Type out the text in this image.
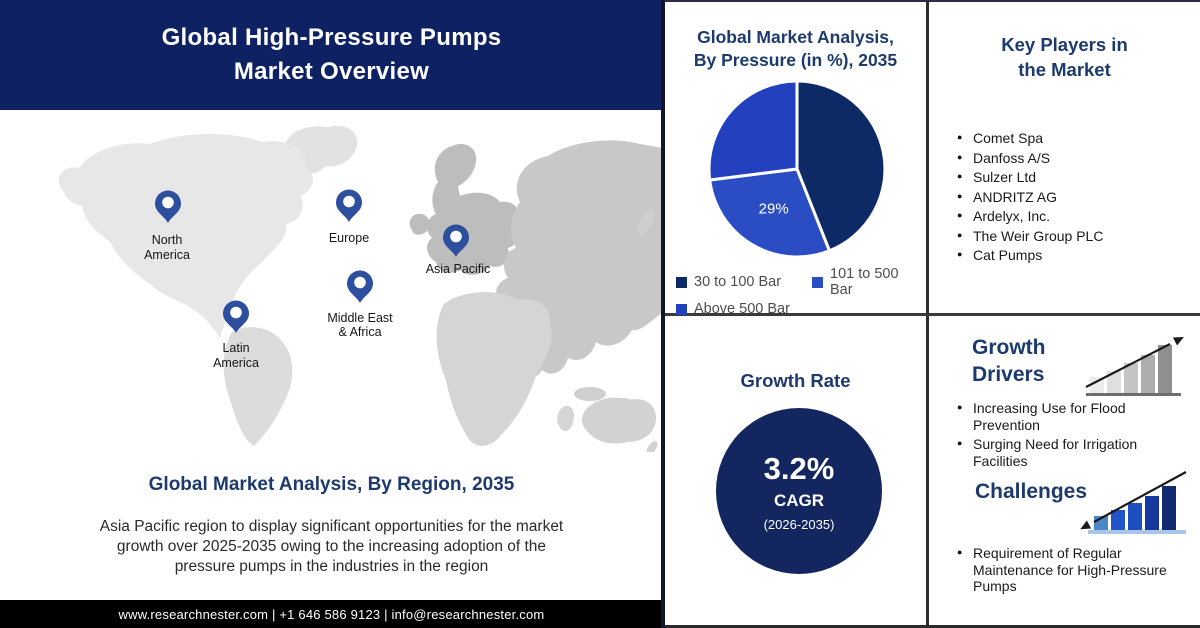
Global High-Pressure Pumps
Market Overview
North
America
Europe
Asia Pacific
Middle East
& Africa
Latin
America
Global Market Analysis, By Region, 2035
Asia Pacific region to display significant opportunities for the market growth over 2025-2035 owing to the increasing adoption of the pressure pumps in the industries in the region
www.researchnester.com | +1 646 586 9123 | info@researchnester.com
Global Market Analysis,
By Pressure (in %), 2035
29%
30 to 100 Bar	101 to 500 Bar
Above 500 Bar
Key Players in
the Market
● Comet Spa
● Danfoss A/S
● Sulzer Ltd
● ANDRITZ AG
● Ardelyx, Inc.
● The Weir Group PLC
● Cat Pumps
Growth Rate
3.2%
CAGR
(2026-2035)
Growth
Drivers
● Increasing Use for Flood Prevention
● Surging Need for Irrigation Facilities
Challenges
● Requirement of Regular Maintenance for High-Pressure Pumps
